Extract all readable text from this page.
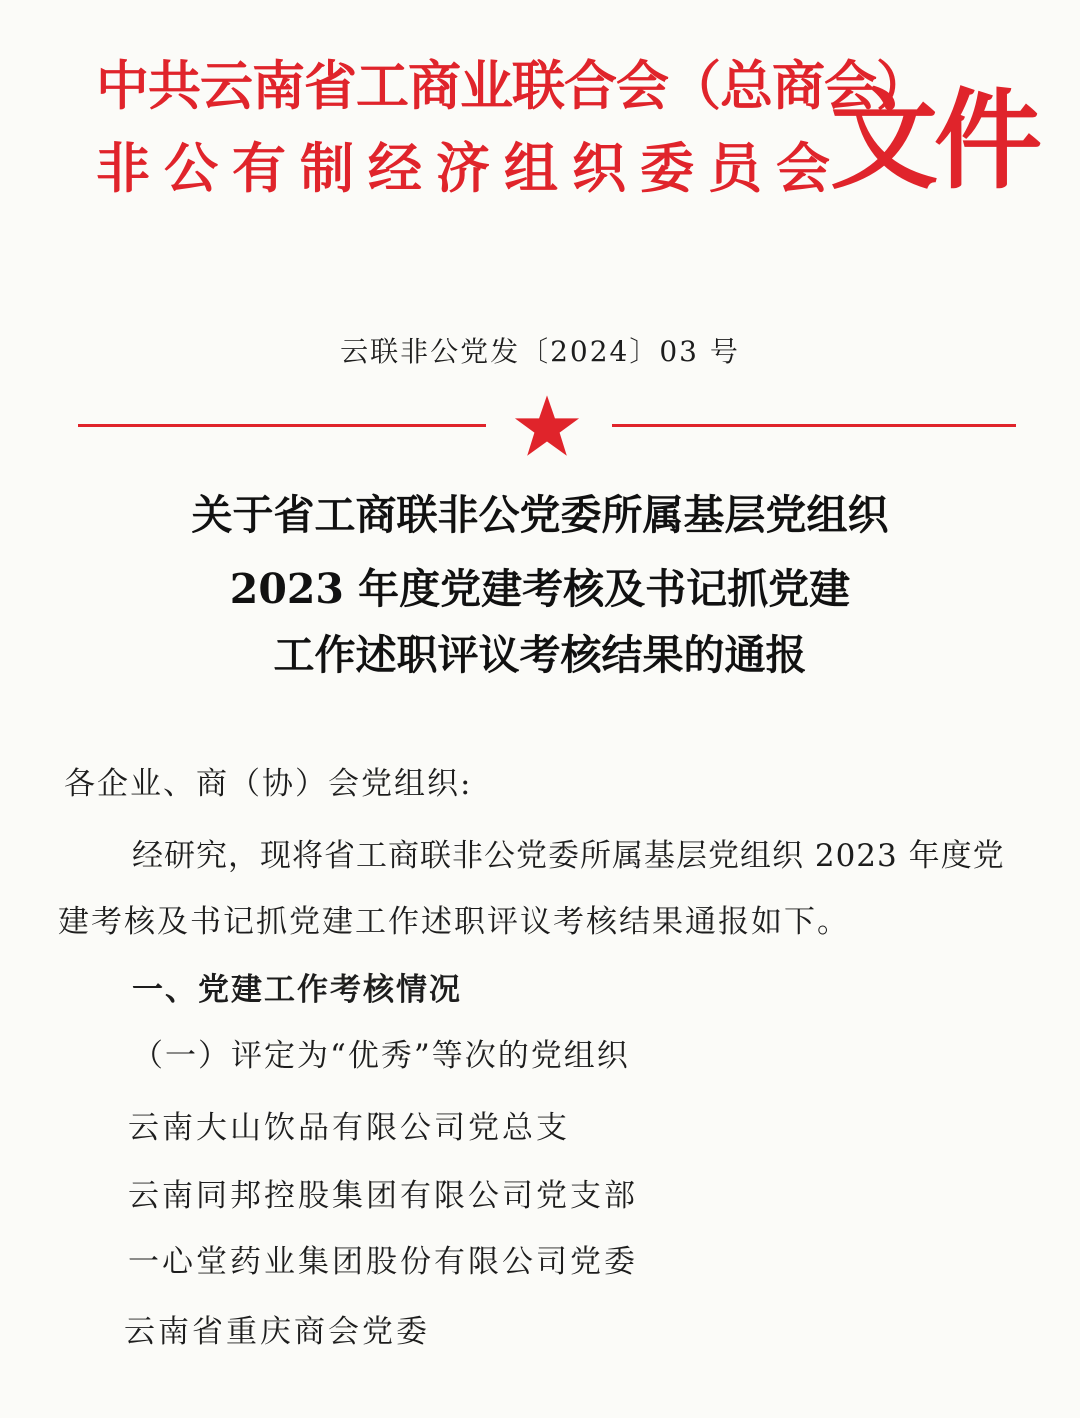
中共云南省工商业联合会（总商会）
非公有制经济组织委员会
文件
云联非公党发〔2024〕03 号
关于省工商联非公党委所属基层党组织
2023 年度党建考核及书记抓党建
工作述职评议考核结果的通报
各企业、商（协）会党组织:
经研究，现将省工商联非公党委所属基层党组织 2023 年度党
建考核及书记抓党建工作述职评议考核结果通报如下。
一、党建工作考核情况
（一）评定为“优秀”等次的党组织
云南大山饮品有限公司党总支
云南同邦控股集团有限公司党支部
一心堂药业集团股份有限公司党委
云南省重庆商会党委
